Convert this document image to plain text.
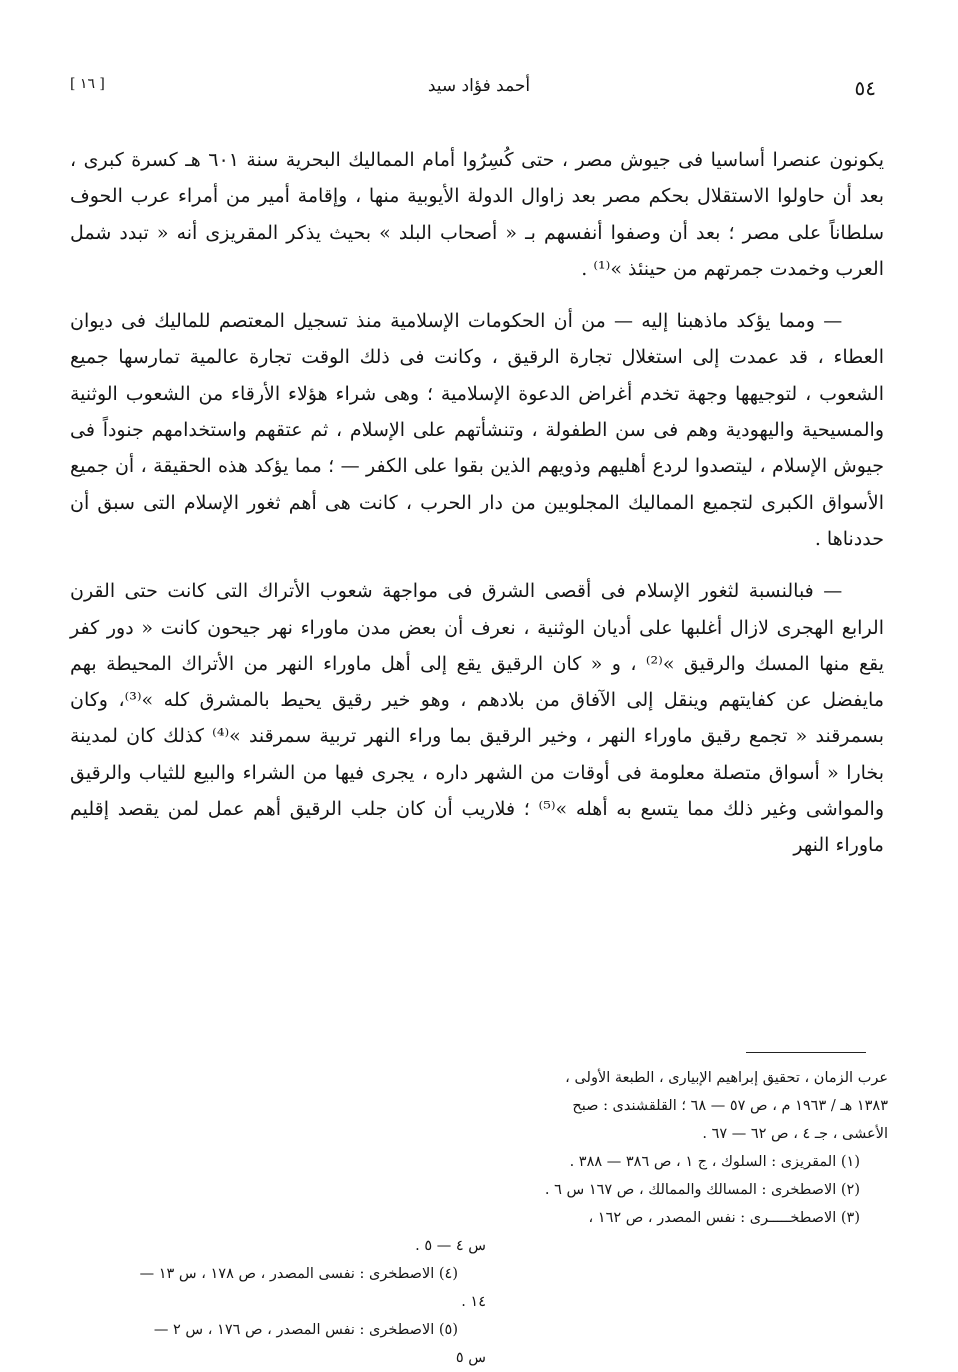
٥٤
أحمد فؤاد سيد
[ ١٦ ]

يكونون عنصرا أساسيا فى جيوش مصر ، حتى كُسِرُوا أمام المماليك البحرية سنة ٦٠١ هـ كسرة كبرى ، بعد أن حاولوا الاستقلال بحكم مصر بعد زاوال الدولة الأيوبية منها ، وإقامة أمير من أمراء عرب الحوف سلطاناً على مصر ؛ بعد أن وصفوا أنفسهم بـ « أصحاب البلد » بحيث يذكر المقريزى أنه « تبدد شمل العرب وخمدت جمرتهم من حينئذ »⁽¹⁾ .

— ومما يؤكد ماذهبنا إليه — من أن الحكومات الإسلامية منذ تسجيل المعتصم للماليك فى ديوان العطاء ، قد عمدت إلى استغلال تجارة الرقيق ، وكانت فى ذلك الوقت تجارة عالمية تمارسها جميع الشعوب ، لتوجيهها وجهة تخدم أغراض الدعوة الإسلامية ؛ وهى شراء هؤلاء الأرقاء من الشعوب الوثنية والمسيحية واليهودية وهم فى سن الطفولة ، وتنشأتهم على الإسلام ، ثم عتقهم واستخدامهم جنوداً فى جيوش الإسلام ، ليتصدوا لردع أهليهم وذويهم الذين بقوا على الكفر — ؛ مما يؤكد هذه الحقيقة ، أن جميع الأسواق الكبرى لتجميع المماليك المجلوبين من دار الحرب ، كانت هى أهم ثغور الإسلام التى سبق أن حددناها .

— فبالنسبة لثغور الإسلام فى أقصى الشرق فى مواجهة شعوب الأتراك التى كانت حتى القرن الرابع الهجرى لازال أغلبها على أديان الوثنية ، نعرف أن بعض مدن ماوراء نهر جيحون كانت « دور كفر يقع منها المسك والرقيق »⁽²⁾ ، و « كان الرقيق يقع إلى أهل ماوراء النهر من الأتراك المحيطة بهم مايفضل عن كفايتهم وينقل إلى الآفاق من بلادهم ، وهو خير رقيق يحيط بالمشرق كله »⁽³⁾، وكان بسمرقند « تجمع رقيق ماوراء النهر ، وخير الرقيق بما وراء النهر تربية سمرقند »⁽⁴⁾ كذلك كان لمدينة بخارا « أسواق متصلة معلومة فى أوقات من الشهر داره ، يجرى فيها من الشراء والبيع للثياب والرقيق والمواشى وغير ذلك مما يتسع به أهله »⁽⁵⁾ ؛ فلاريب أن كان جلب الرقيق أهم عمل لمن يقصد إقليم ماوراء النهر

عرب الزمان ، تحقيق إبراهيم الإبيارى ، الطبعة الأولى ،
١٣٨٣ هـ / ١٩٦٣ م ، ص ٥٧ — ٦٨ ؛ القلقشندى : صبح
الأعشى ، جـ ٤ ، ص ٦٢ — ٦٧ .
(١) المقريزى : السلوك ، ج ١ ، ص ٣٨٦ — ٣٨٨ .
(٢) الاصطخرى : المسالك والممالك ، ص ١٦٧ س ٦ .
(٣) الاصطخـــــرى : نفس المصدر ، ص ١٦٢ ،
س ٤ — ٥ .
(٤) الاصطخرى : نفسى المصدر ، ص ١٧٨ ، س ١٣ —
١٤ .
(٥) الاصطخرى : نفس المصدر ، ص ١٧٦ ، س ٢ —
س ٥
